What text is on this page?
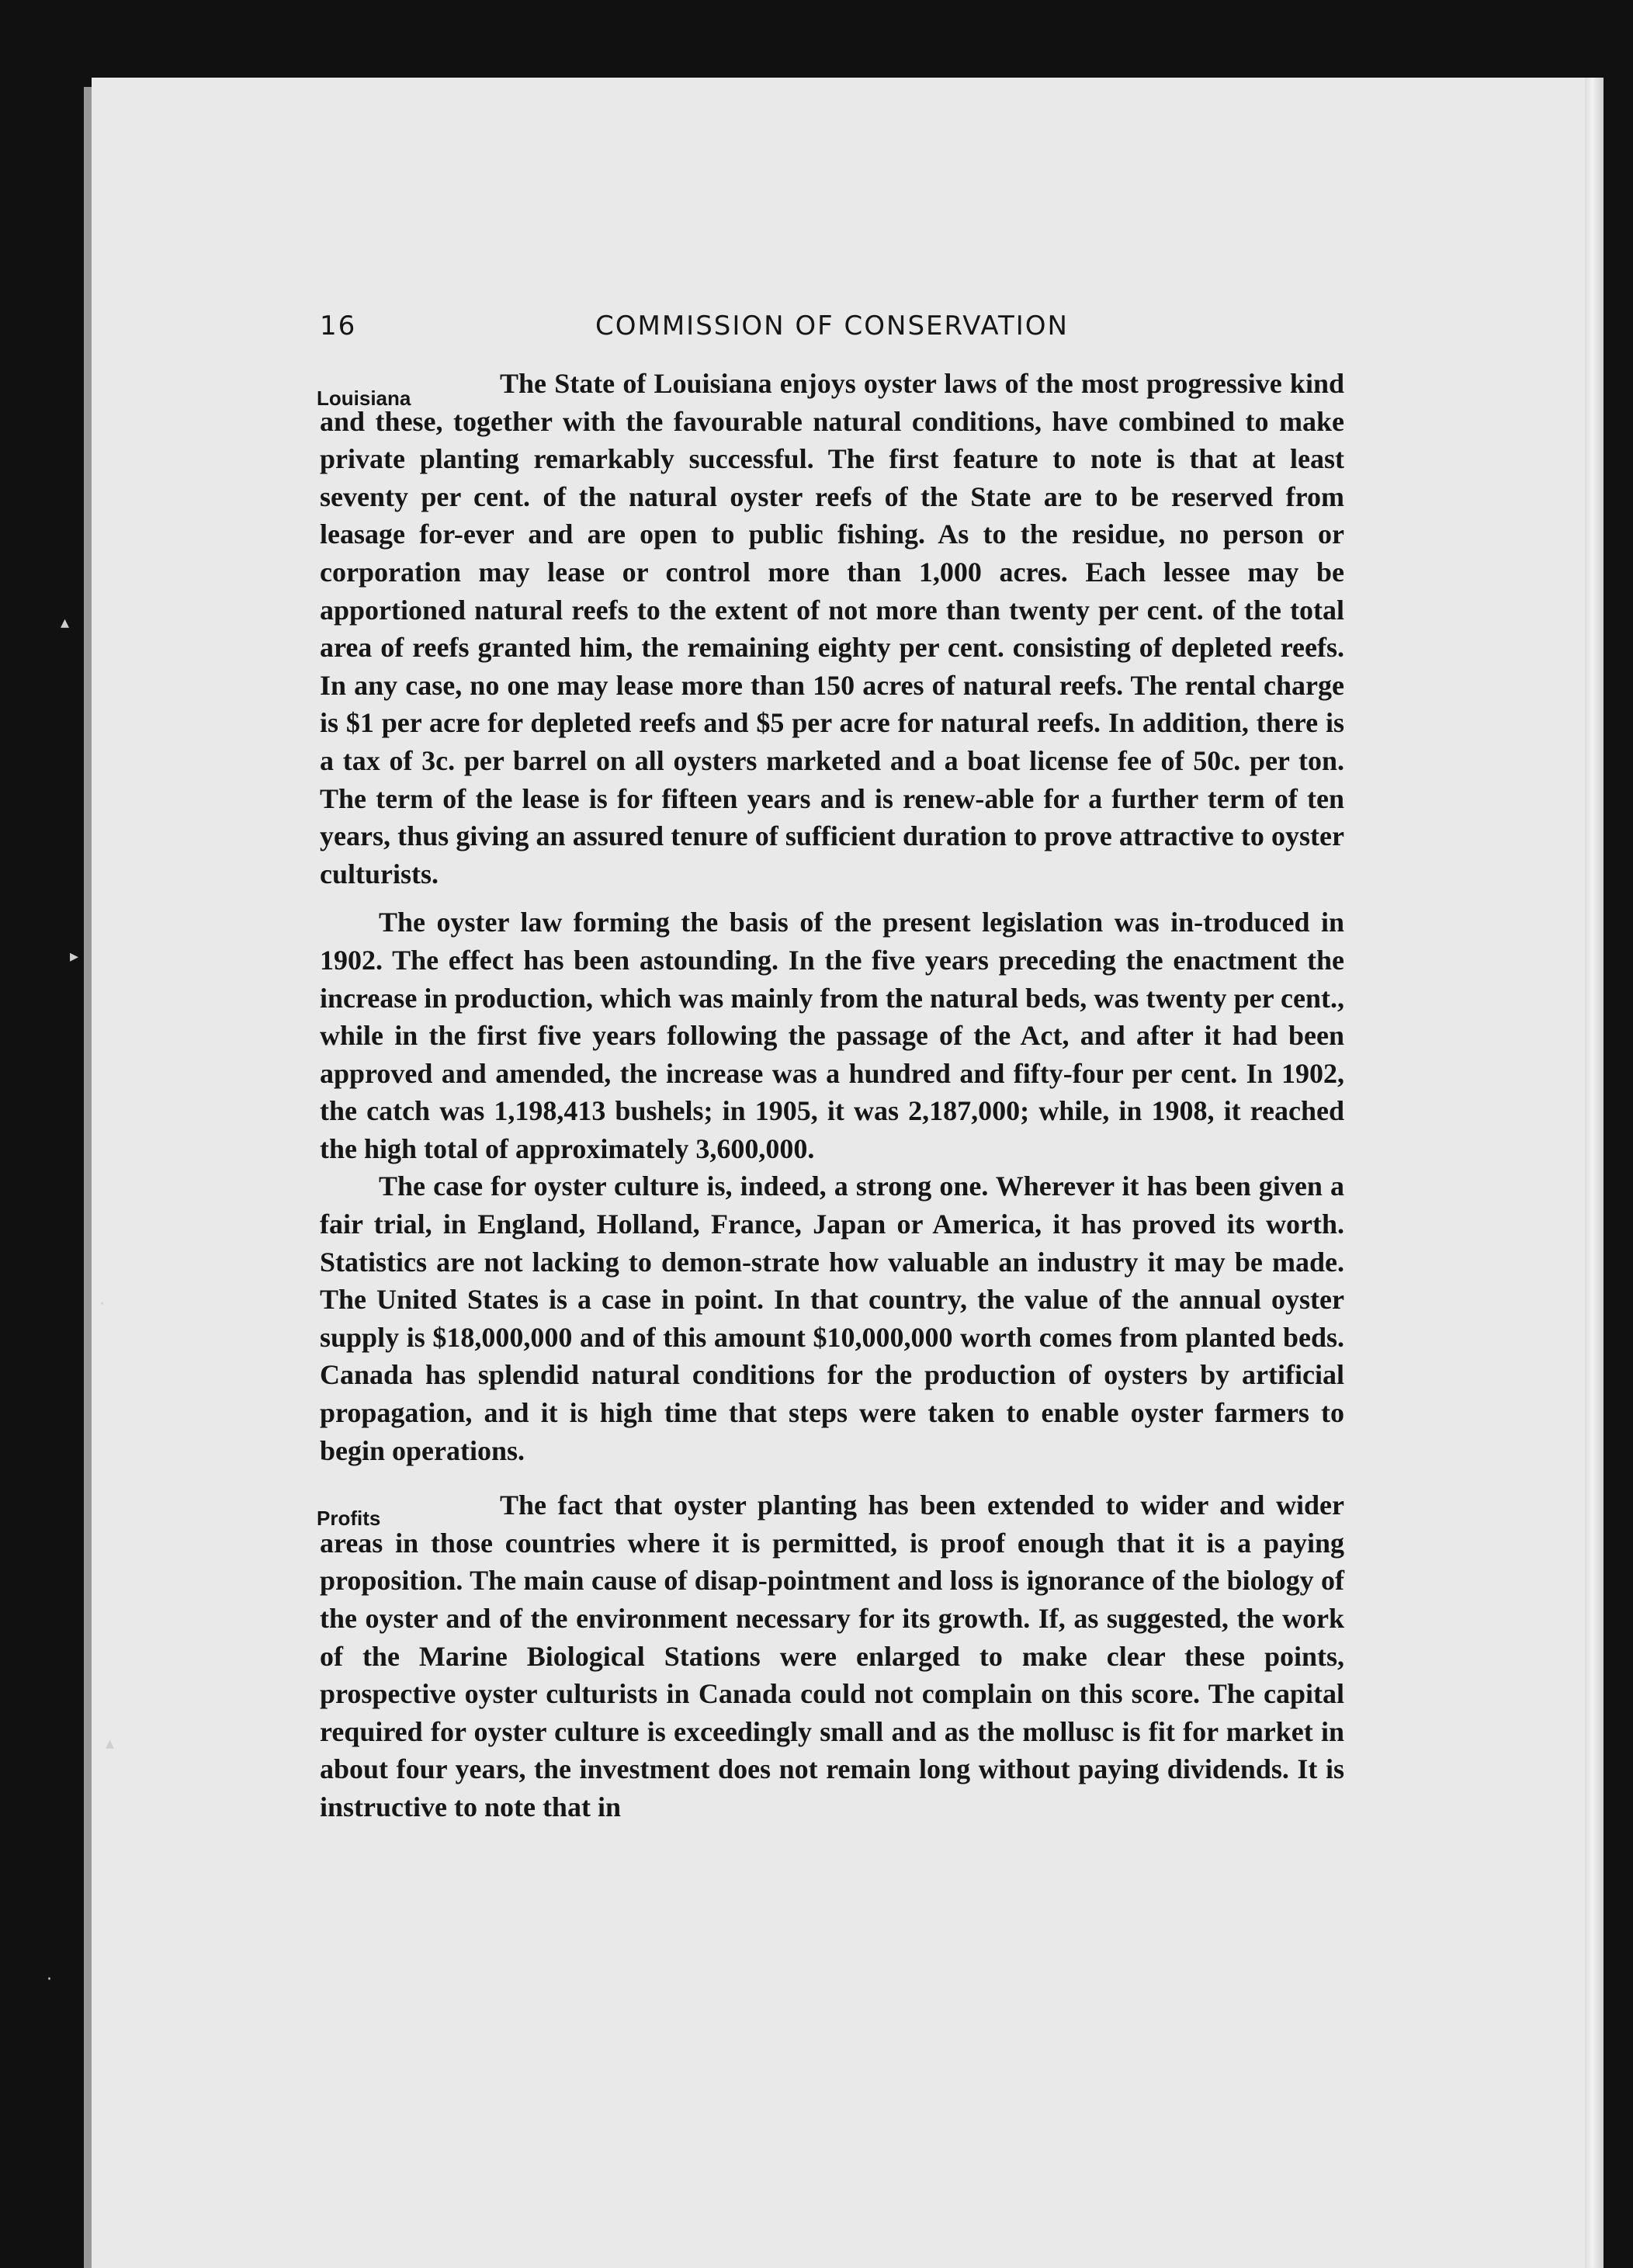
▴
▸
·
▴
·
16	COMMISSION OF CONSERVATION
Louisiana	The State of Louisiana enjoys oyster laws of the most progressive kind and these, together with the favourable natural conditions, have combined to make private planting remarkably successful. The first feature to note is that at least seventy per cent. of the natural oyster reefs of the State are to be reserved from leasage for-ever and are open to public fishing. As to the residue, no person or corporation may lease or control more than 1,000 acres. Each lessee may be apportioned natural reefs to the extent of not more than twenty per cent. of the total area of reefs granted him, the remaining eighty per cent. consisting of depleted reefs. In any case, no one may lease more than 150 acres of natural reefs. The rental charge is $1 per acre for depleted reefs and $5 per acre for natural reefs. In addition, there is a tax of 3c. per barrel on all oysters marketed and a boat license fee of 50c. per ton. The term of the lease is for fifteen years and is renew-able for a further term of ten years, thus giving an assured tenure of sufficient duration to prove attractive to oyster culturists.

The oyster law forming the basis of the present legislation was in-troduced in 1902. The effect has been astounding. In the five years preceding the enactment the increase in production, which was mainly from the natural beds, was twenty per cent., while in the first five years following the passage of the Act, and after it had been approved and amended, the increase was a hundred and fifty-four per cent. In 1902, the catch was 1,198,413 bushels; in 1905, it was 2,187,000; while, in 1908, it reached the high total of approximately 3,600,000.

The case for oyster culture is, indeed, a strong one. Wherever it has been given a fair trial, in England, Holland, France, Japan or America, it has proved its worth. Statistics are not lacking to demon-strate how valuable an industry it may be made. The United States is a case in point. In that country, the value of the annual oyster supply is $18,000,000 and of this amount $10,000,000 worth comes from planted beds. Canada has splendid natural conditions for the production of oysters by artificial propagation, and it is high time that steps were taken to enable oyster farmers to begin operations.

Profits	The fact that oyster planting has been extended to wider and wider areas in those countries where it is permitted, is proof enough that it is a paying proposition. The main cause of disap-pointment and loss is ignorance of the biology of the oyster and of the environment necessary for its growth. If, as suggested, the work of the Marine Biological Stations were enlarged to make clear these points, prospective oyster culturists in Canada could not complain on this score. The capital required for oyster culture is exceedingly small and as the mollusc is fit for market in about four years, the investment does not remain long without paying dividends. It is instructive to note that in
